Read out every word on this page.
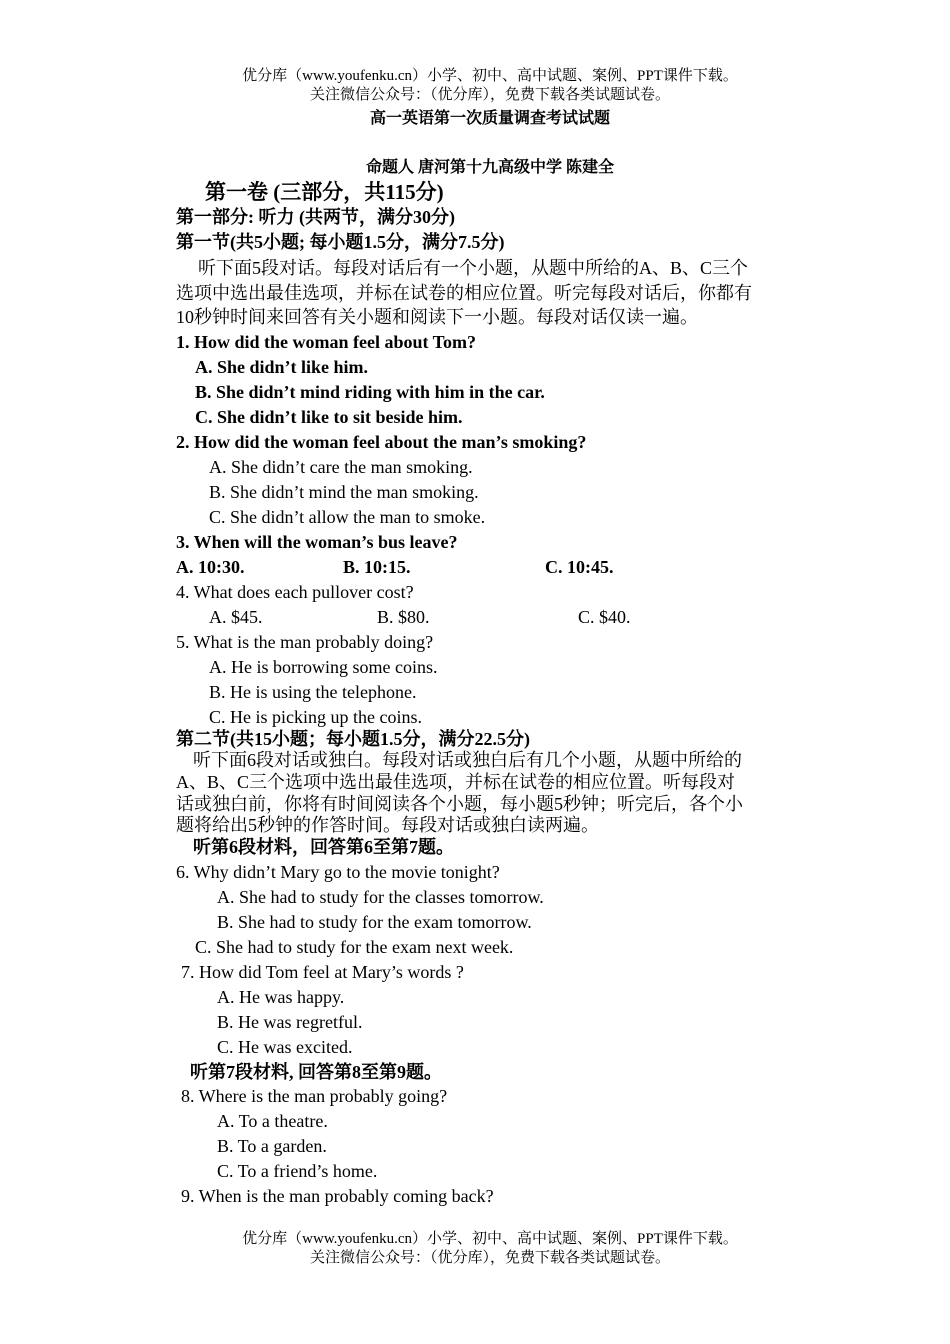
优分库（www.youfenku.cn）小学、初中、高中试题、案例、PPT课件下载。
关注微信公众号：（优分库），免费下载各类试题试卷。
高一英语第一次质量调查考试试题
命题人 唐河第十九高级中学 陈建全
第一卷 (三部分，共115分)
第一部分: 听力 (共两节，满分30分)
第一节(共5小题; 每小题1.5分，满分7.5分)
听下面5段对话。每段对话后有一个小题，从题中所给的A、B、C三个
选项中选出最佳选项，并标在试卷的相应位置。听完每段对话后，你都有
10秒钟时间来回答有关小题和阅读下一小题。每段对话仅读一遍。
1. How did the woman feel about Tom?
A. She didn’t like him.
B. She didn’t mind riding with him in the car.
C. She didn’t like to sit beside him.
2. How did the woman feel about the man’s smoking?
A. She didn’t care the man smoking.
B. She didn’t mind the man smoking.
C. She didn’t allow the man to smoke.
3. When will the woman’s bus leave?
A. 10:30.	B. 10:15.	C. 10:45.
4. What does each pullover cost?
A. $45.	B. $80.	C. $40.
5. What is the man probably doing?
A. He is borrowing some coins.
B. He is using the telephone.
C. He is picking up the coins.
第二节(共15小题；每小题1.5分，满分22.5分)
听下面6段对话或独白。每段对话或独白后有几个小题，从题中所给的
A、B、C三个选项中选出最佳选项，并标在试卷的相应位置。听每段对
话或独白前，你将有时间阅读各个小题，每小题5秒钟；听完后，各个小
题将给出5秒钟的作答时间。每段对话或独白读两遍。
听第6段材料，回答第6至第7题。
6. Why didn’t Mary go to the movie tonight?
A. She had to study for the classes tomorrow.
B. She had to study for the exam tomorrow.
C. She had to study for the exam next week.
7. How did Tom feel at Mary’s words ?
A. He was happy.
B. He was regretful.
C. He was excited.
听第7段材料, 回答第8至第9题。
8. Where is the man probably going?
A. To a theatre.
B. To a garden.
C. To a friend’s home.
9. When is the man probably coming back?
优分库（www.youfenku.cn）小学、初中、高中试题、案例、PPT课件下载。
关注微信公众号：（优分库），免费下载各类试题试卷。
